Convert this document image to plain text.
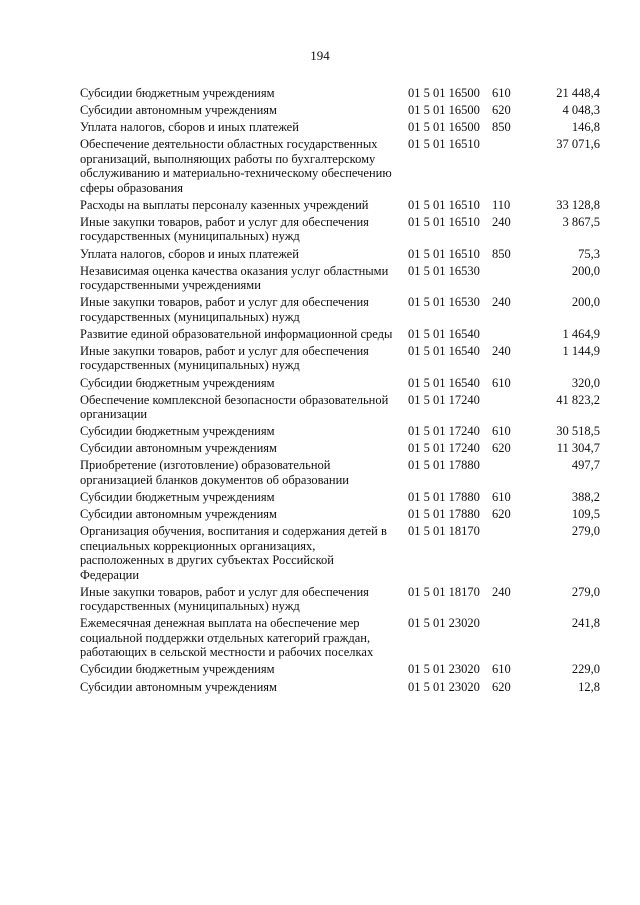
194
Субсидии бюджетным учреждениям	01 5 01 16500 610	21 448,4
Субсидии автономным учреждениям	01 5 01 16500 620	4 048,3
Уплата налогов, сборов и иных платежей	01 5 01 16500 850	146,8
Обеспечение деятельности областных государственных организаций, выполняющих работы по бухгалтерскому обслуживанию и материально-техническому обеспечению сферы образования
01 5 01 16510	37 071,6
Расходы на выплаты персоналу казенных учреждений	01 5 01 16510 110	33 128,8
Иные закупки товаров, работ и услуг для обеспечения государственных (муниципальных) нужд
01 5 01 16510 240	3 867,5
Уплата налогов, сборов и иных платежей	01 5 01 16510 850	75,3
Независимая оценка качества оказания услуг областными государственными учреждениями
01 5 01 16530	200,0
Иные закупки товаров, работ и услуг для обеспечения государственных (муниципальных) нужд
01 5 01 16530 240	200,0
Развитие единой образовательной информационной среды 01 5 01 16540	1 464,9
Иные закупки товаров, работ и услуг для обеспечения государственных (муниципальных) нужд
01 5 01 16540 240	1 144,9
Субсидии бюджетным учреждениям	01 5 01 16540 610	320,0
Обеспечение комплексной безопасности образовательной организации
01 5 01 17240	41 823,2
Субсидии бюджетным учреждениям	01 5 01 17240 610	30 518,5
Субсидии автономным учреждениям	01 5 01 17240 620	11 304,7
Приобретение (изготовление) образовательной организацией бланков документов об образовании
01 5 01 17880	497,7
Субсидии бюджетным учреждениям	01 5 01 17880 610	388,2
Субсидии автономным учреждениям	01 5 01 17880 620	109,5
Организация обучения, воспитания и содержания детей в специальных коррекционных организациях, расположенных в других субъектах Российской Федерации
01 5 01 18170	279,0
Иные закупки товаров, работ и услуг для обеспечения государственных (муниципальных) нужд
01 5 01 18170 240	279,0
Ежемесячная денежная выплата на обеспечение мер социальной поддержки отдельных категорий граждан, работающих в сельской местности и рабочих поселках
01 5 01 23020	241,8
Субсидии бюджетным учреждениям	01 5 01 23020 610	229,0
Субсидии автономным учреждениям	01 5 01 23020 620	12,8
